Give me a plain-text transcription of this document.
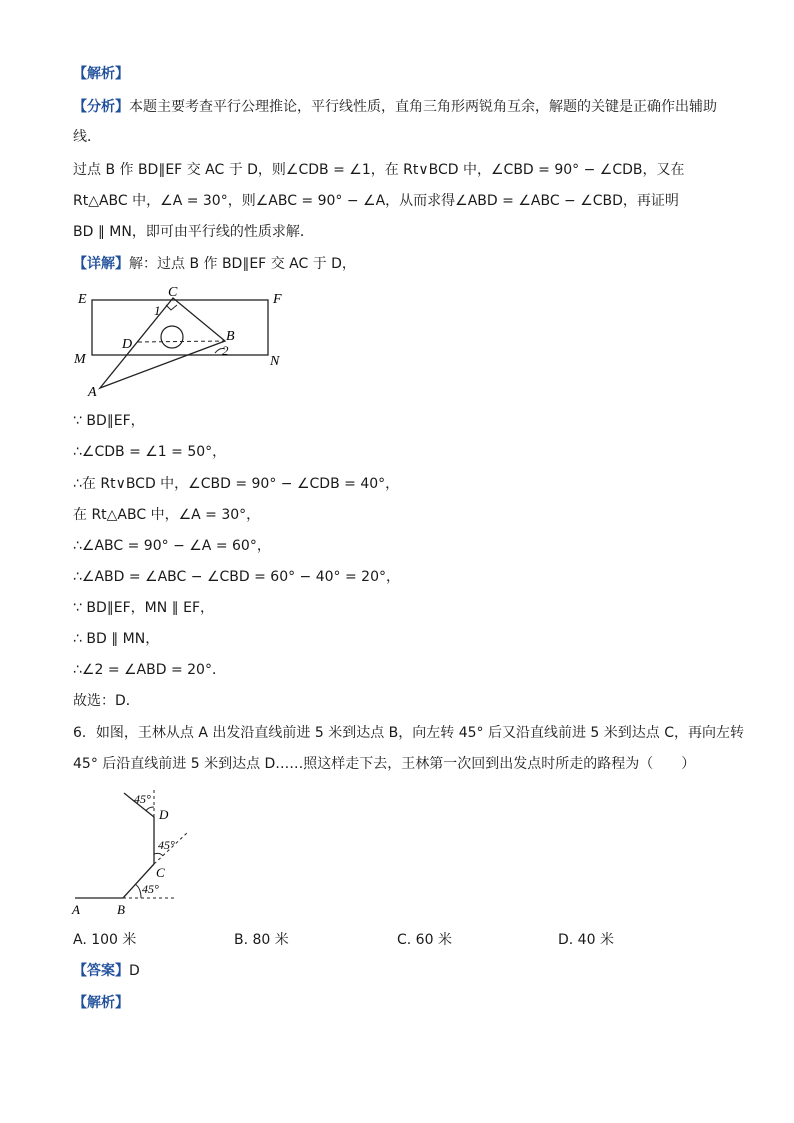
【解析】
【分析】本题主要考查平行公理推论，平行线性质，直角三角形两锐角互余，解题的关键是正确作出辅助
线．
过点 B 作 BD∥EF 交 AC 于 D，则∠CDB = ∠1，在 Rt∨BCD 中，∠CBD = 90° − ∠CDB，又在
Rt△ABC 中，∠A = 30°，则∠ABC = 90° − ∠A，从而求得∠ABD = ∠ABC − ∠CBD，再证明
BD ∥ MN，即可由平行线的性质求解．
【详解】解：过点 B 作 BD∥EF 交 AC 于 D，
E	F
M	N
C
D
B
A
1
2
∵ BD∥EF，
∴∠CDB = ∠1 = 50°，
∴在 Rt∨BCD 中，∠CBD = 90° − ∠CDB = 40°，
在 Rt△ABC 中，∠A = 30°，
∴∠ABC = 90° − ∠A = 60°，
∴∠ABD = ∠ABC − ∠CBD = 60° − 40° = 20°，
∵ BD∥EF，MN ∥ EF，
∴ BD ∥ MN，
∴∠2 = ∠ABD = 20°．
故选：D．
6．如图，王林从点 A 出发沿直线前进 5 米到达点 B，向左转 45° 后又沿直线前进 5 米到达点 C，再向左转
45° 后沿直线前进 5 米到达点 D……照这样走下去，王林第一次回到出发点时所走的路程为（　　）
A	B
C
D
45°
45°
45°
A. 100 米	B. 80 米	C. 60 米	D. 40 米
【答案】D
【解析】
